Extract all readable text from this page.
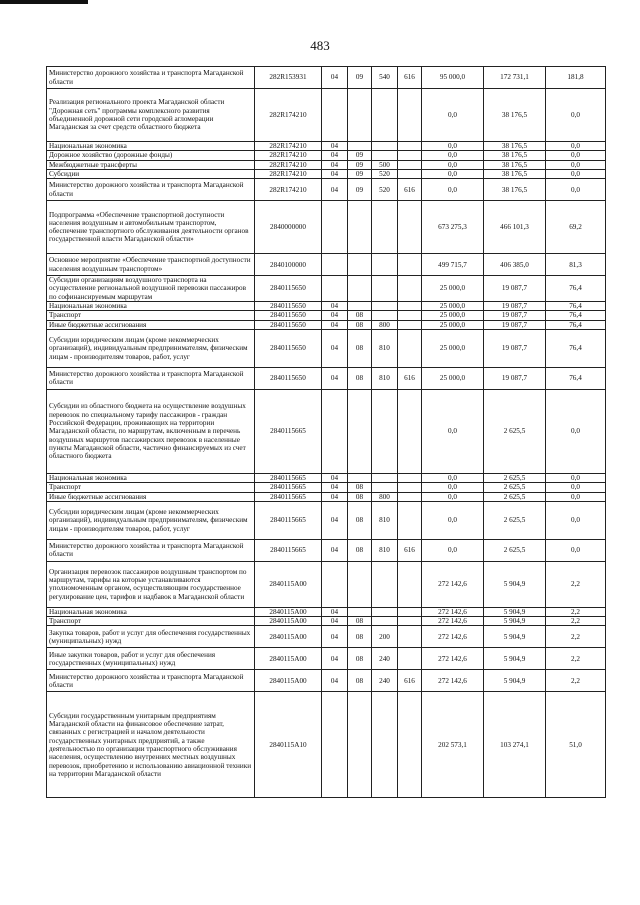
483
Министерство дорожного хозяйства и транспорта Магаданской области	282R153931	04	09	540	616	95 000,0	172 731,1	181,8
Реализация регионального проекта Магаданской области "Дорожная сеть" программы комплексного развития объединенной дорожной сети городской агломерации Магаданская за счет средств областного бюджета	282R174210					0,0	38 176,5	0,0
Национальная экономика	282R174210	04				0,0	38 176,5	0,0
Дорожное хозяйство (дорожные фонды)	282R174210	04	09			0,0	38 176,5	0,0
Межбюджетные трансферты	282R174210	04	09	500		0,0	38 176,5	0,0
Субсидии	282R174210	04	09	520		0,0	38 176,5	0,0
Министерство дорожного хозяйства и транспорта Магаданской области	282R174210	04	09	520	616	0,0	38 176,5	0,0
Подпрограмма «Обеспечение транспортной доступности населения воздушным и автомобильным транспортом, обеспечение транспортного обслуживания деятельности органов государственной власти Магаданской области»	2840000000					673 275,3	466 101,3	69,2
Основное мероприятие «Обеспечение транспортной доступности населения воздушным транспортом»	2840100000					499 715,7	406 385,0	81,3
Субсидии организациям воздушного транспорта на осуществление региональной воздушной перевозки пассажиров по софинансируемым маршрутам	2840115650					25 000,0	19 087,7	76,4
Национальная экономика	2840115650	04				25 000,0	19 087,7	76,4
Транспорт	2840115650	04	08			25 000,0	19 087,7	76,4
Иные бюджетные ассигнования	2840115650	04	08	800		25 000,0	19 087,7	76,4
Субсидии юридическим лицам (кроме некоммерческих организаций), индивидуальным предпринимателям, физическим лицам - производителям товаров, работ, услуг	2840115650	04	08	810		25 000,0	19 087,7	76,4
Министерство дорожного хозяйства и транспорта Магаданской области	2840115650	04	08	810	616	25 000,0	19 087,7	76,4
Субсидии из областного бюджета на осуществление воздушных перевозок по специальному тарифу пассажиров - граждан Российской Федерации, проживающих на территории Магаданской области, по маршрутам, включенным в перечень воздушных маршрутов пассажирских перевозок в населенные пункты Магаданской области, частично финансируемых из счет областного бюджета	2840115665					0,0	2 625,5	0,0
Национальная экономика	2840115665	04				0,0	2 625,5	0,0
Транспорт	2840115665	04	08			0,0	2 625,5	0,0
Иные бюджетные ассигнования	2840115665	04	08	800		0,0	2 625,5	0,0
Субсидии юридическим лицам (кроме некоммерческих организаций), индивидуальным предпринимателям, физическим лицам - производителям товаров, работ, услуг	2840115665	04	08	810		0,0	2 625,5	0,0
Министерство дорожного хозяйства и транспорта Магаданской области	2840115665	04	08	810	616	0,0	2 625,5	0,0
Организация перевозок пассажиров воздушным транспортом по маршрутам, тарифы на которые устанавливаются уполномоченным органом, осуществляющим государственное регулирование цен, тарифов и надбавок в Магаданской области	2840115A00					272 142,6	5 904,9	2,2
Национальная экономика	2840115A00	04				272 142,6	5 904,9	2,2
Транспорт	2840115A00	04	08			272 142,6	5 904,9	2,2
Закупка товаров, работ и услуг для обеспечения государственных (муниципальных) нужд	2840115A00	04	08	200		272 142,6	5 904,9	2,2
Иные закупки товаров, работ и услуг для обеспечения государственных (муниципальных) нужд	2840115A00	04	08	240		272 142,6	5 904,9	2,2
Министерство дорожного хозяйства и транспорта Магаданской области	2840115A00	04	08	240	616	272 142,6	5 904,9	2,2
Субсидии государственным унитарным предприятиям Магаданской области на финансовое обеспечение затрат, связанных с регистрацией и началом деятельности государственных унитарных предприятий, а также деятельностью по организации транспортного обслуживания населения, осуществлению внутренних местных воздушных перевозок, приобретению и использованию авиационной техники на территории Магаданской области	2840115A10					202 573,1	103 274,1	51,0
